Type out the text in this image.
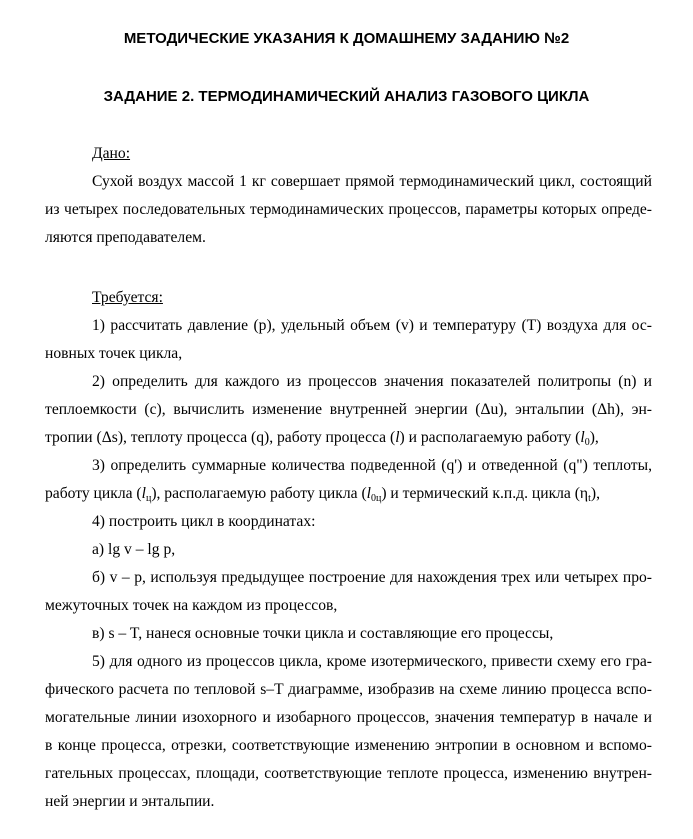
МЕТОДИЧЕСКИЕ УКАЗАНИЯ К ДОМАШНЕМУ ЗАДАНИЮ №2
ЗАДАНИЕ 2. ТЕРМОДИНАМИЧЕСКИЙ АНАЛИЗ ГАЗОВОГО ЦИКЛА
Дано:
Сухой воздух массой 1 кг совершает прямой термодинамический цикл, состоящий
из четырех последовательных термодинамических процессов, параметры которых опреде-
ляются преподавателем.
Требуется:
1) рассчитать давление (р), удельный объем (v) и температуру (Т) воздуха для ос-
новных точек цикла,
2) определить для каждого из процессов значения показателей политропы (n) и
теплоемкости (с), вычислить изменение внутренней энергии (Δu), энтальпии (Δh), эн-
тропии (Δs), теплоту процесса (q), работу процесса (l) и располагаемую работу $(l_0)$,
3) определить суммарные количества подведенной (q') и отведенной (q") теплоты,
работу цикла $(l_ц)$, располагаемую работу цикла $(l_{0ц})$ и термический к.п.д. цикла $(\eta_t)$,
4) построить цикл в координатах:
а) lg v – lg p,
б) v – p, используя предыдущее построение для нахождения трех или четырех про-
межуточных точек на каждом из процессов,
в) s – T, нанеся основные точки цикла и составляющие его процессы,
5) для одного из процессов цикла, кроме изотермического, привести схему его гра-
фического расчета по тепловой s–T диаграмме, изобразив на схеме линию процесса вспо-
могательные линии изохорного и изобарного процессов, значения температур в начале и
в конце процесса, отрезки, соответствующие изменению энтропии в основном и вспомо-
гательных процессах, площади, соответствующие теплоте процесса, изменению внутрен-
ней энергии и энтальпии.
